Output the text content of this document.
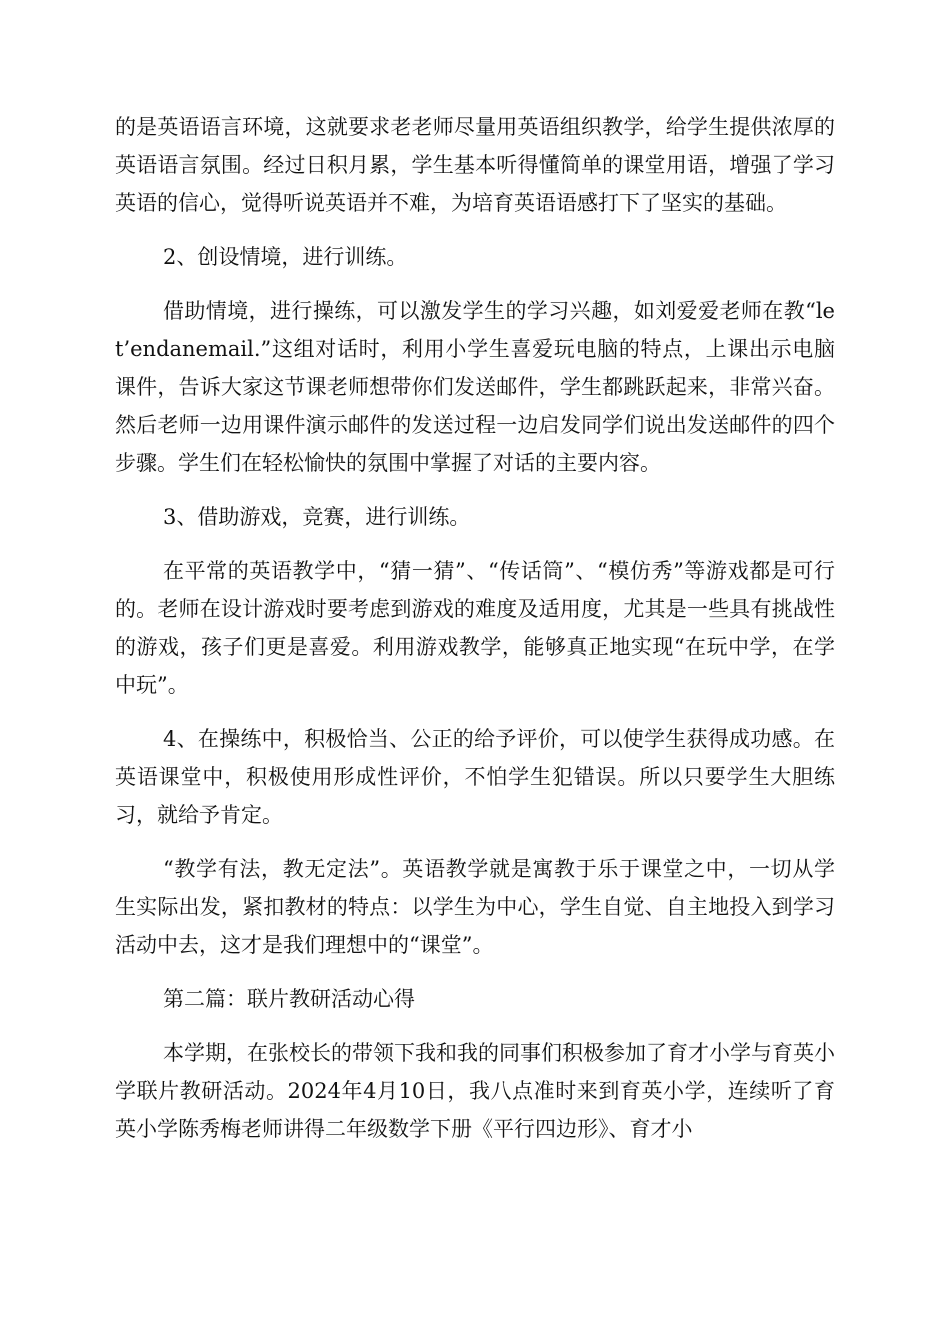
的是英语语言环境，这就要求老老师尽量用英语组织教学，给学生提供浓厚的英语语言氛围。经过日积月累，学生基本听得懂简单的课堂用语，增强了学习英语的信心，觉得听说英语并不难，为培育英语语感打下了坚实的基础。

2、创设情境，进行训练。

借助情境，进行操练，可以激发学生的学习兴趣，如刘爱爱老师在教“let’endanemail.”这组对话时，利用小学生喜爱玩电脑的特点，上课出示电脑课件，告诉大家这节课老师想带你们发送邮件，学生都跳跃起来，非常兴奋。然后老师一边用课件演示邮件的发送过程一边启发同学们说出发送邮件的四个步骤。学生们在轻松愉快的氛围中掌握了对话的主要内容。

3、借助游戏，竞赛，进行训练。

在平常的英语教学中，“猜一猜”、“传话筒”、“模仿秀”等游戏都是可行的。老师在设计游戏时要考虑到游戏的难度及适用度，尤其是一些具有挑战性的游戏，孩子们更是喜爱。利用游戏教学，能够真正地实现“在玩中学，在学中玩”。

4、在操练中，积极恰当、公正的给予评价，可以使学生获得成功感。在英语课堂中，积极使用形成性评价，不怕学生犯错误。所以只要学生大胆练习，就给予肯定。

“教学有法，教无定法”。英语教学就是寓教于乐于课堂之中，一切从学生实际出发，紧扣教材的特点：以学生为中心，学生自觉、自主地投入到学习活动中去，这才是我们理想中的“课堂”。

第二篇：联片教研活动心得

本学期，在张校长的带领下我和我的同事们积极参加了育才小学与育英小学联片教研活动。2024年4月10日，我八点准时来到育英小学，连续听了育英小学陈秀梅老师讲得二年级数学下册《平行四边形》、育才小
